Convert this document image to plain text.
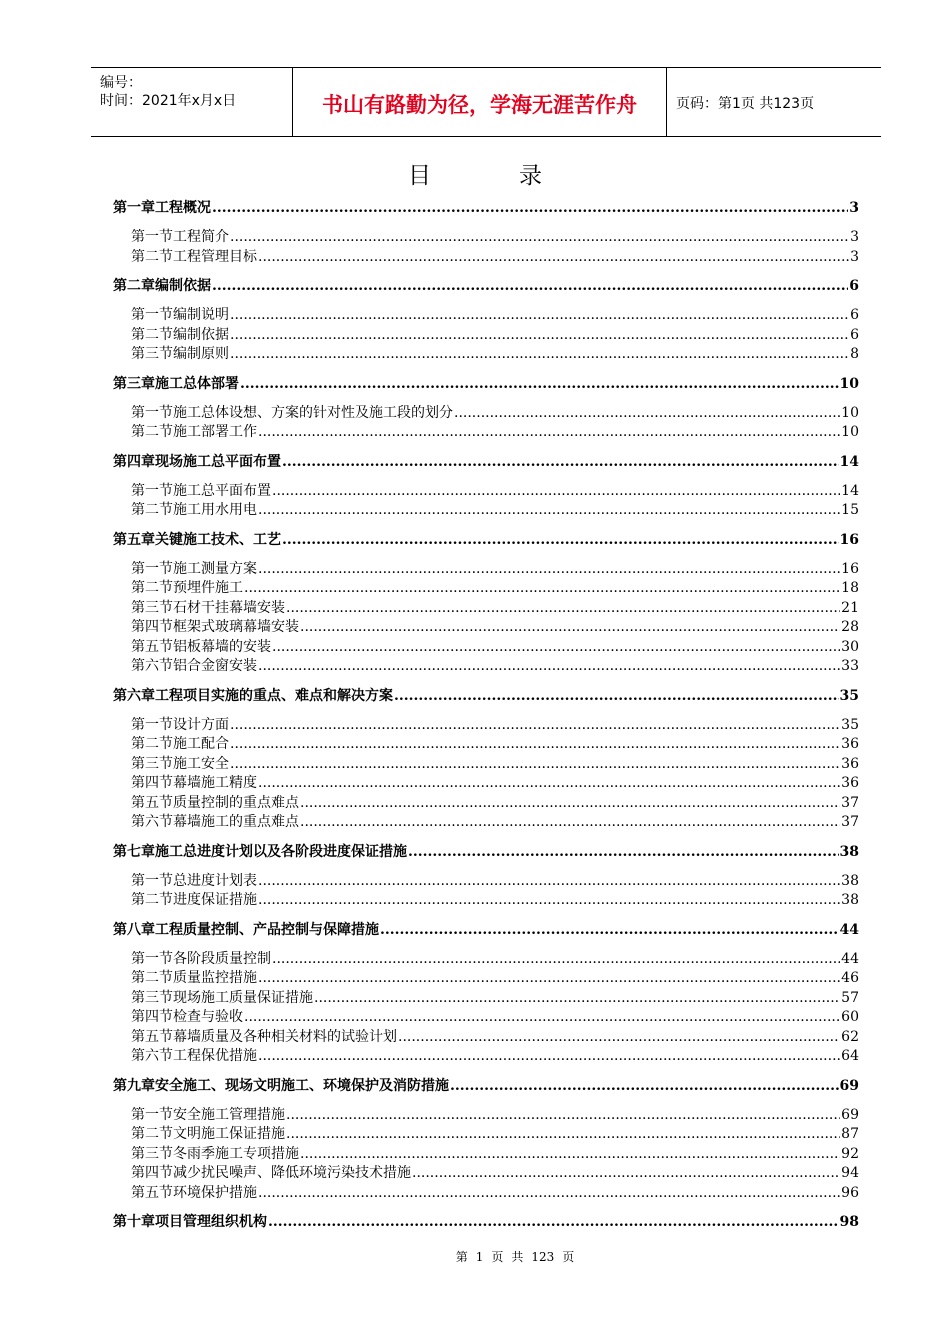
编号：
时间：2021年x月x日	书山有路勤为径，学海无涯苦作舟	页码：第1页 共123页
目	录
第一章 工程概况 .....	3
第一节 工程简介 .....	3
第二节 工程管理目标 .....	3
第二章 编制依据 .....	6
第一节 编制说明 .....	6
第二节 编制依据 .....	6
第三节 编制原则 .....	8
第三章 施工总体部署 .....	10
第一节 施工总体设想、方案的针对性及施工段的划分 .....	10
第二节 施工部署工作 .....	10
第四章 现场施工总平面布置 .....	14
第一节 施工总平面布置 .....	14
第二节 施工用水用电 .....	15
第五章 关键施工技术、工艺 .....	16
第一节 施工测量方案 .....	16
第二节 预埋件施工 .....	18
第三节 石材干挂幕墙安装 .....	21
第四节 框架式玻璃幕墙安装 .....	28
第五节 铝板幕墙的安装 .....	30
第六节 铝合金窗安装 .....	33
第六章 工程项目实施的重点、难点和解决方案 .....	35
第一节 设计方面 .....	35
第二节 施工配合 .....	36
第三节 施工安全 .....	36
第四节 幕墙施工精度 .....	36
第五节 质量控制的重点难点 .....	37
第六节 幕墙施工的重点难点 .....	37
第七章 施工总进度计划以及各阶段进度保证措施 .....	38
第一节 总进度计划表 .....	38
第二节 进度保证措施 .....	38
第八章 工程质量控制、产品控制与保障措施 .....	44
第一节 各阶段质量控制 .....	44
第二节 质量监控措施 .....	46
第三节 现场施工质量保证措施 .....	57
第四节 检查与验收 .....	60
第五节 幕墙质量及各种相关材料的试验计划 .....	62
第六节 工程保优措施 .....	64
第九章 安全施工、现场文明施工、环境保护及消防措施 .....	69
第一节 安全施工管理措施 .....	69
第二节 文明施工保证措施 .....	87
第三节 冬雨季施工专项措施 .....	92
第四节 减少扰民噪声、降低环境污染技术措施 .....	94
第五节 环境保护措施 .....	96
第十章 项目管理组织机构 .....	98
第 1 页 共 123 页
